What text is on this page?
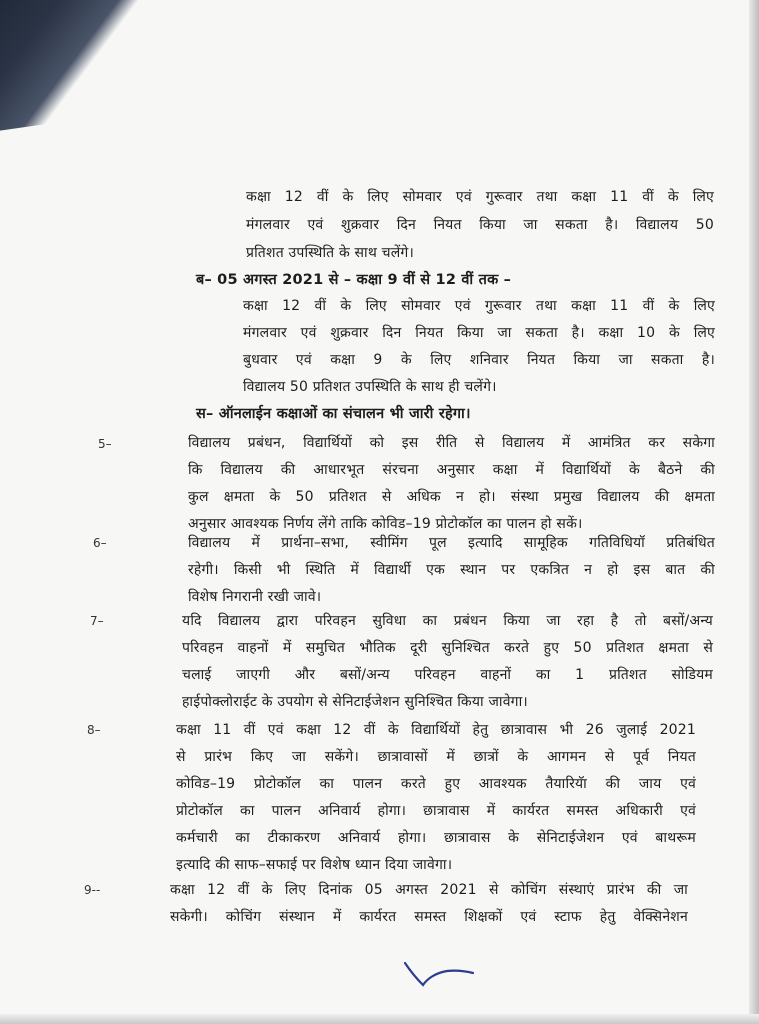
कक्षा 12 वीं के लिए सोमवार एवं गुरूवार तथा कक्षा 11 वीं के लिए
मंगलवार एवं शुक्रवार दिन नियत किया जा सकता है। विद्यालय 50
प्रतिशत उपस्थिति के साथ चलेंगे।
ब– 05 अगस्त 2021 से – कक्षा 9 वीं से 12 वीं तक –
कक्षा 12 वीं के लिए सोमवार एवं गुरूवार तथा कक्षा 11 वीं के लिए
मंगलवार एवं शुक्रवार दिन नियत किया जा सकता है। कक्षा 10 के लिए
बुधवार एवं कक्षा 9 के लिए शनिवार नियत किया जा सकता है।
विद्यालय 50 प्रतिशत उपस्थिति के साथ ही चलेंगे।
स– ऑनलाईन कक्षाओं का संचालन भी जारी रहेगा।
5–	विद्यालय प्रबंधन, विद्यार्थियों को इस रीति से विद्यालय में आमंत्रित कर सकेगा
कि विद्यालय की आधारभूत संरचना अनुसार कक्षा में विद्यार्थियों के बैठने की
कुल क्षमता के 50 प्रतिशत से अधिक न हो। संस्था प्रमुख विद्यालय की क्षमता
अनुसार आवश्यक निर्णय लेंगे ताकि कोविड–19 प्रोटोकॉल का पालन हो सकें।
6–	विद्यालय में प्रार्थना–सभा, स्वीमिंग पूल इत्यादि सामूहिक गतिविधियॉ प्रतिबंधित
रहेगी। किसी भी स्थिति में विद्यार्थी एक स्थान पर एकत्रित न हो इस बात की
विशेष निगरानी रखी जावे।
7–	यदि विद्यालय द्वारा परिवहन सुविधा का प्रबंधन किया जा रहा है तो बसों/अन्य
परिवहन वाहनों में समुचित भौतिक दूरी सुनिश्चित करते हुए 50 प्रतिशत क्षमता से
चलाई जाएगी और बसों/अन्य परिवहन वाहनों का 1 प्रतिशत सोडियम
हाईपोक्लोराईट के उपयोग से सेनिटाईजेशन सुनिश्चित किया जावेगा।
8–	कक्षा 11 वीं एवं कक्षा 12 वीं के विद्यार्थियों हेतु छात्रावास भी 26 जुलाई 2021
से प्रारंभ किए जा सकेंगे। छात्रावासों में छात्रों के आगमन से पूर्व नियत
कोविड–19 प्रोटोकॉल का पालन करते हुए आवश्यक तैयारियॅा की जाय एवं
प्रोटोकॉल का पालन अनिवार्य होगा। छात्रावास में कार्यरत समस्त अधिकारी एवं
कर्मचारी का टीकाकरण अनिवार्य होगा। छात्रावास के सेनिटाईजेशन एवं बाथरूम
इत्यादि की साफ–सफाई पर विशेष ध्यान दिया जावेगा।
9--	कक्षा 12 वीं के लिए दिनांक 05 अगस्त 2021 से कोचिंग संस्थाएं प्रारंभ की जा
सकेगी। कोचिंग संस्थान में कार्यरत समस्त शिक्षकों एवं स्टाफ हेतु वेक्सिनेशन
